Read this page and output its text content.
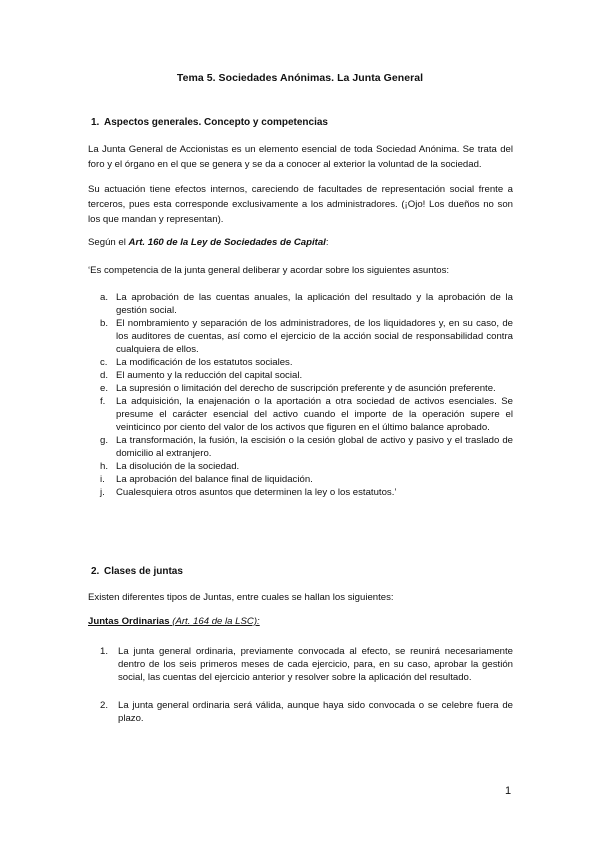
Tema 5. Sociedades Anónimas. La Junta General
1. Aspectos generales. Concepto y competencias
La Junta General de Accionistas es un elemento esencial de toda Sociedad Anónima. Se trata del foro y el órgano en el que se genera y se da a conocer al exterior la voluntad de la sociedad.
Su actuación tiene efectos internos, careciendo de facultades de representación social frente a terceros, pues esta corresponde exclusivamente a los administradores. (¡Ojo! Los dueños no son los que mandan y representan).
Según el Art. 160 de la Ley de Sociedades de Capital:
‘Es competencia de la junta general deliberar y acordar sobre los siguientes asuntos:
a. La aprobación de las cuentas anuales, la aplicación del resultado y la aprobación de la gestión social.
b. El nombramiento y separación de los administradores, de los liquidadores y, en su caso, de los auditores de cuentas, así como el ejercicio de la acción social de responsabilidad contra cualquiera de ellos.
c. La modificación de los estatutos sociales.
d. El aumento y la reducción del capital social.
e. La supresión o limitación del derecho de suscripción preferente y de asunción preferente.
f. La adquisición, la enajenación o la aportación a otra sociedad de activos esenciales. Se presume el carácter esencial del activo cuando el importe de la operación supere el veinticinco por ciento del valor de los activos que figuren en el último balance aprobado.
g. La transformación, la fusión, la escisión o la cesión global de activo y pasivo y el traslado de domicilio al extranjero.
h. La disolución de la sociedad.
i. La aprobación del balance final de liquidación.
j. Cualesquiera otros asuntos que determinen la ley o los estatutos.’
2. Clases de juntas
Existen diferentes tipos de Juntas, entre cuales se hallan los siguientes:
Juntas Ordinarias (Art. 164 de la LSC):
1. La junta general ordinaria, previamente convocada al efecto, se reunirá necesariamente dentro de los seis primeros meses de cada ejercicio, para, en su caso, aprobar la gestión social, las cuentas del ejercicio anterior y resolver sobre la aplicación del resultado.
2. La junta general ordinaria será válida, aunque haya sido convocada o se celebre fuera de plazo.
1
